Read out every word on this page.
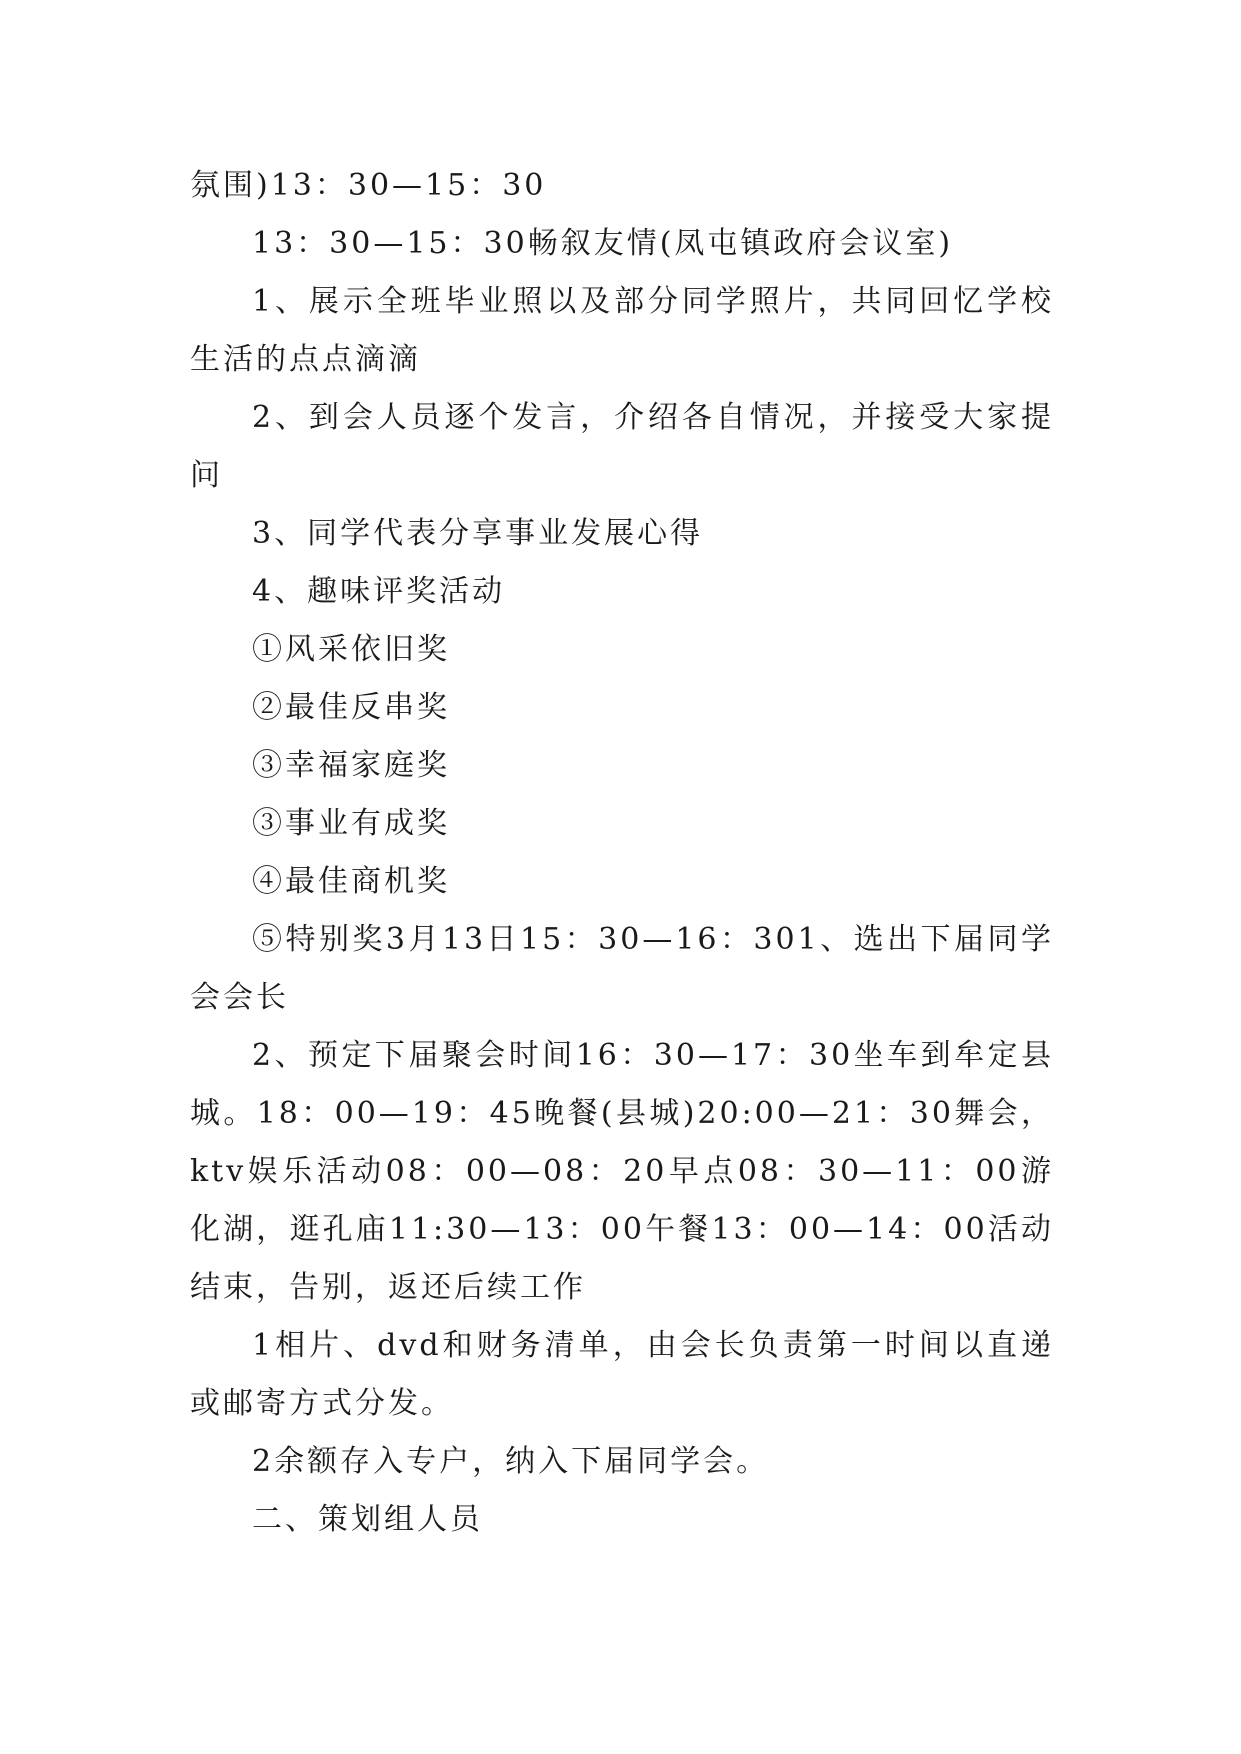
氛围)13：30—15：30

13：30—15：30畅叙友情(凤屯镇政府会议室)

1、展示全班毕业照以及部分同学照片，共同回忆学校生活的点点滴滴

2、到会人员逐个发言，介绍各自情况，并接受大家提问

3、同学代表分享事业发展心得

4、趣味评奖活动

①风采依旧奖

②最佳反串奖

③幸福家庭奖

③事业有成奖

④最佳商机奖

⑤特别奖3月13日15：30—16：301、选出下届同学会会长

2、预定下届聚会时间16：30—17：30坐车到牟定县城。18：00—19：45晚餐(县城)20:00—21：30舞会，ktv娱乐活动08：00—08：20早点08：30—11：00游化湖，逛孔庙11:30—13：00午餐13：00—14：00活动结束，告别，返还后续工作

1相片、dvd和财务清单，由会长负责第一时间以直递或邮寄方式分发。

2余额存入专户，纳入下届同学会。

二、策划组人员
